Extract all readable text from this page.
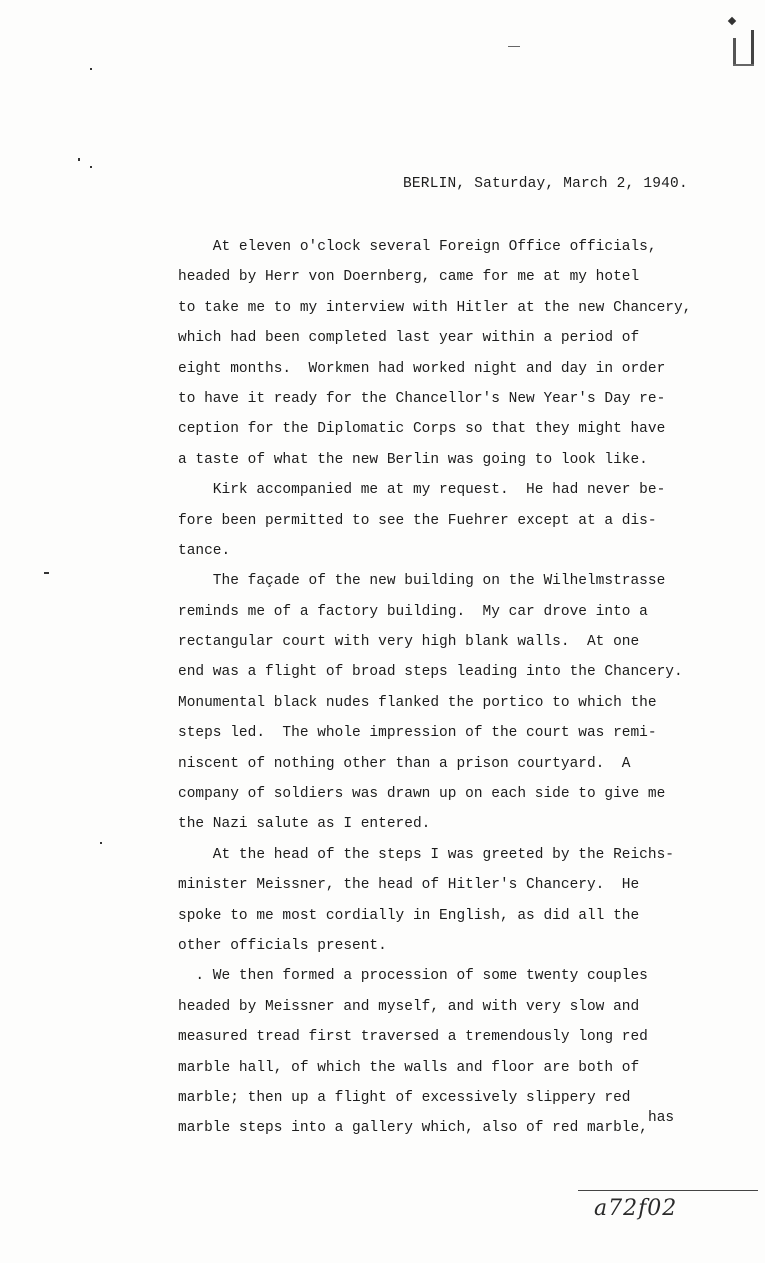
BERLIN, Saturday, March 2, 1940.
At eleven o'clock several Foreign Office officials,
headed by Herr von Doernberg, came for me at my hotel
to take me to my interview with Hitler at the new Chancery,
which had been completed last year within a period of
eight months.  Workmen had worked night and day in order
to have it ready for the Chancellor's New Year's Day re-
ception for the Diplomatic Corps so that they might have
a taste of what the new Berlin was going to look like.
Kirk accompanied me at my request.  He had never be-
fore been permitted to see the Fuehrer except at a dis-
tance.
The façade of the new building on the Wilhelmstrasse
reminds me of a factory building.  My car drove into a
rectangular court with very high blank walls.  At one
end was a flight of broad steps leading into the Chancery.
Monumental black nudes flanked the portico to which the
steps led.  The whole impression of the court was remi-
niscent of nothing other than a prison courtyard.  A
company of soldiers was drawn up on each side to give me
the Nazi salute as I entered.
At the head of the steps I was greeted by the Reichs-
minister Meissner, the head of Hitler's Chancery.  He
spoke to me most cordially in English, as did all the
other officials present.
. We then formed a procession of some twenty couples
headed by Meissner and myself, and with very slow and
measured tread first traversed a tremendously long red
marble hall, of which the walls and floor are both of
marble; then up a flight of excessively slippery red
marble steps into a gallery which, also of red marble,
has
a72f02
